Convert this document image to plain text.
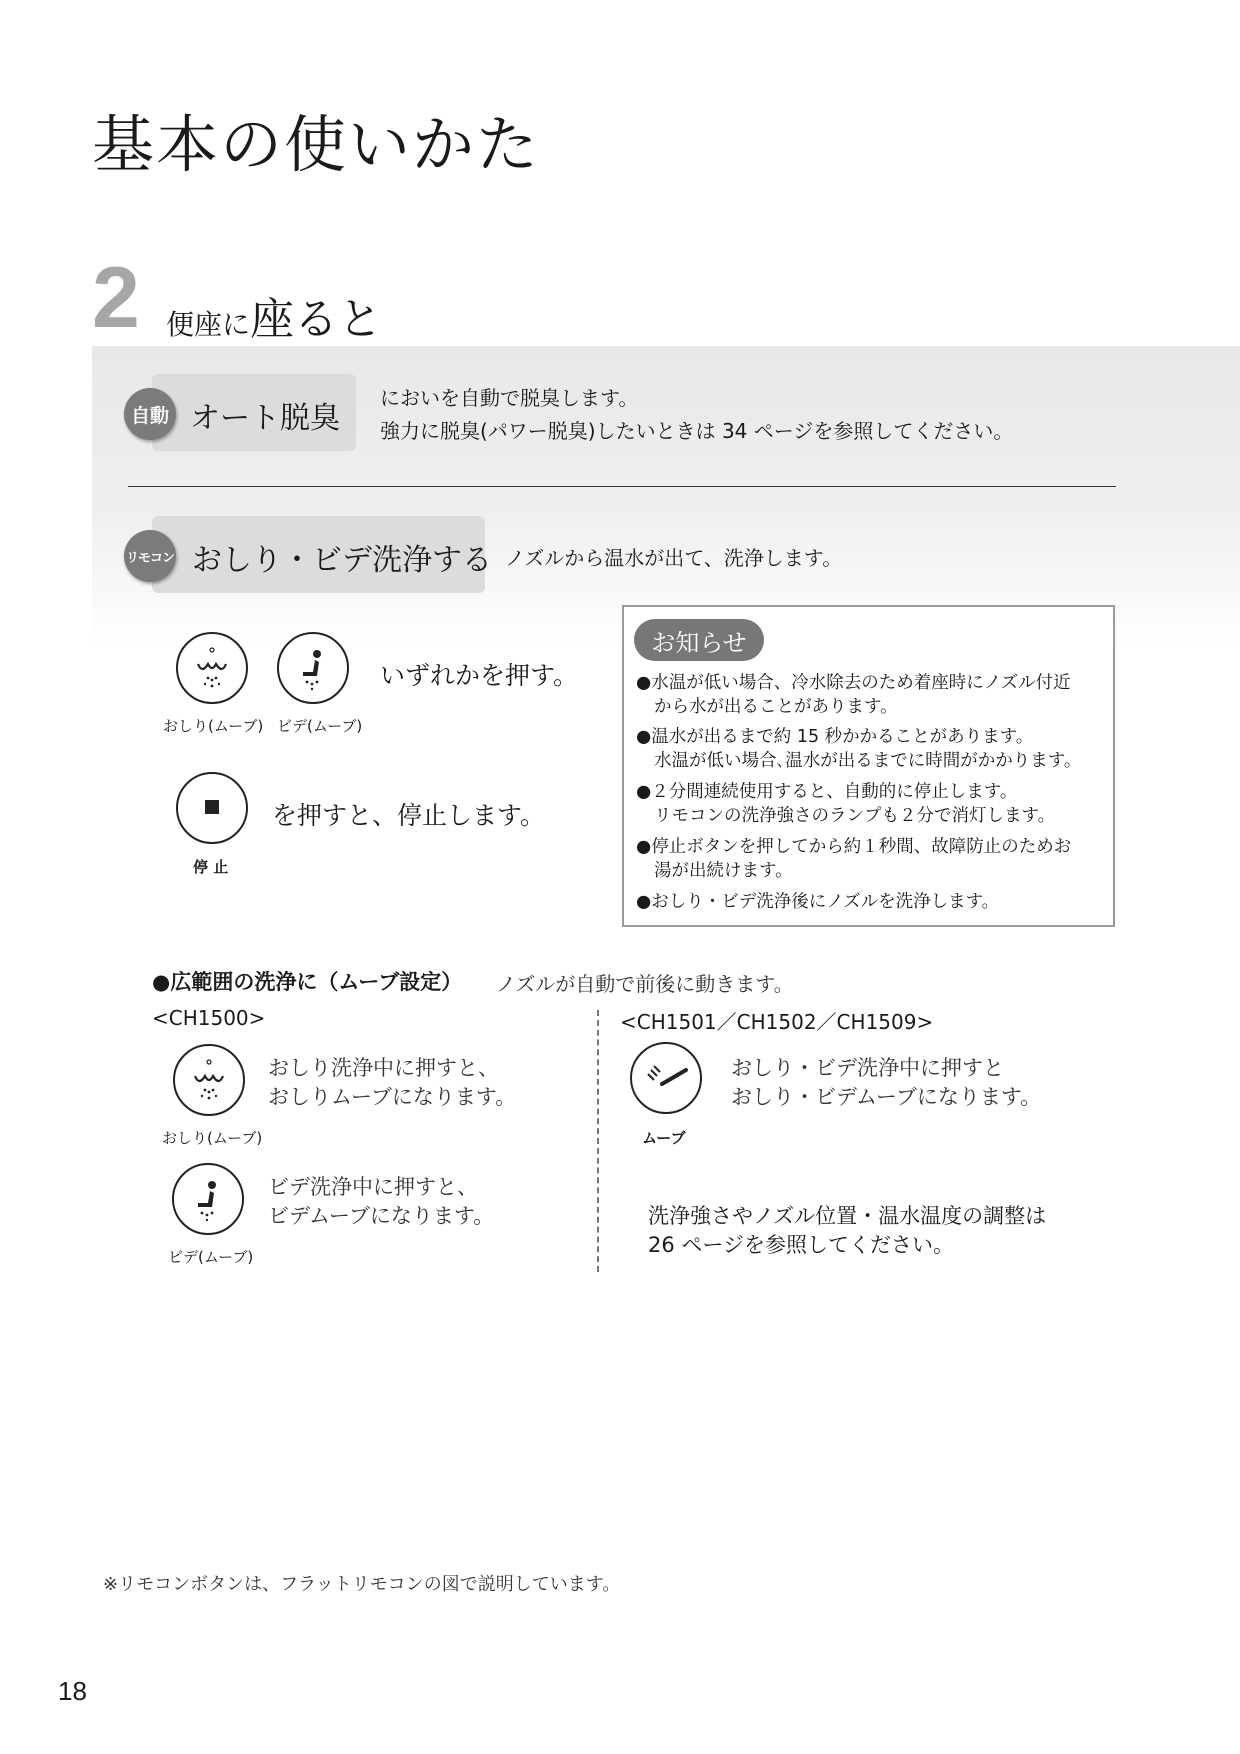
基本の使いかた
2 便座に座ると
自動 オート脱臭
においを自動で脱臭します。
強力に脱臭(パワー脱臭)したいときは 34 ページを参照してください。
リモコン おしり・ビデ洗浄する ノズルから温水が出て、洗浄します。
おしり(ムーブ) ビデ(ムーブ)
いずれかを押す。
停 止
を押すと、停止します。
お知らせ
●水温が低い場合、冷水除去のため着座時にノズル付近
から水が出ることがあります。
●温水が出るまで約 15 秒かかることがあります。
水温が低い場合､温水が出るまでに時間がかかります。
●２分間連続使用すると、自動的に停止します。
リモコンの洗浄強さのランプも２分で消灯します。
●停止ボタンを押してから約１秒間、故障防止のためお
湯が出続けます。
●おしり・ビデ洗浄後にノズルを洗浄します。
●広範囲の洗浄に（ムーブ設定） ノズルが自動で前後に動きます。
<CH1500>	<CH1501／CH1502／CH1509>
おしり(ムーブ)
おしり洗浄中に押すと、
おしりムーブになります。
ビデ(ムーブ)
ビデ洗浄中に押すと、
ビデムーブになります。
ムーブ
おしり・ビデ洗浄中に押すと
おしり・ビデムーブになります。
洗浄強さやノズル位置・温水温度の調整は
26 ページを参照してください。
※リモコンボタンは、フラットリモコンの図で説明しています。
18
